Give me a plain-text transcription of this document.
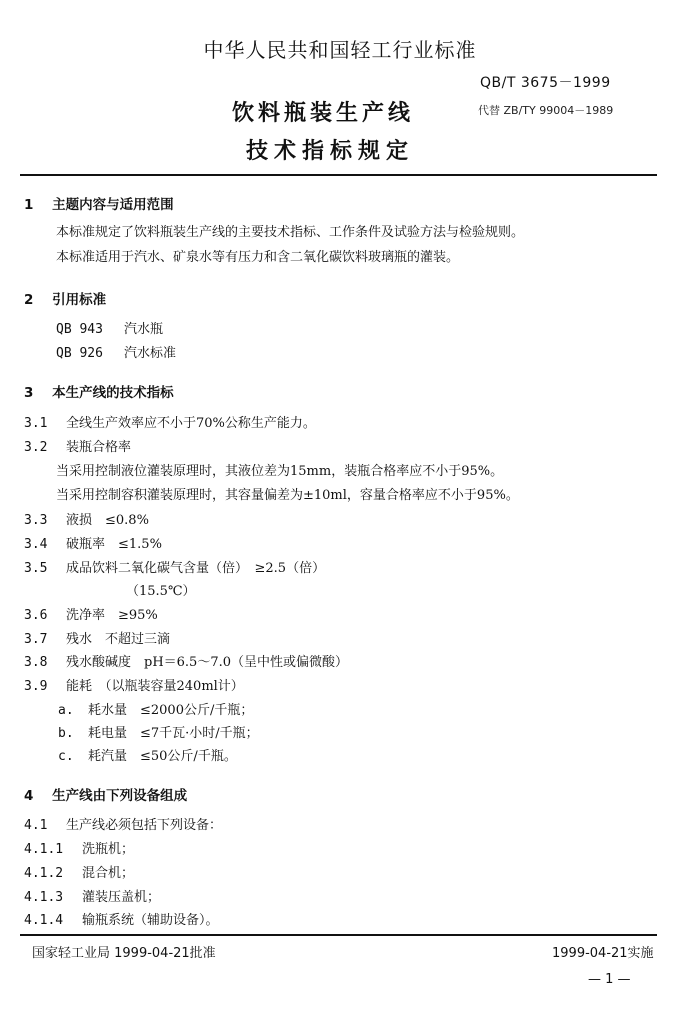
中华人民共和国轻工行业标准
QB/T 3675－1999
饮料瓶装生产线	代替 ZB/TY 99004－1989
技术指标规定
1 主题内容与适用范围
本标准规定了饮料瓶装生产线的主要技术指标、工作条件及试验方法与检验规则。
本标准适用于汽水、矿泉水等有压力和含二氧化碳饮料玻璃瓶的灌装。
2 引用标准
QB 943 汽水瓶
QB 926 汽水标准
3 本生产线的技术指标
3.1 全线生产效率应不小于70%公称生产能力。
3.2 装瓶合格率
当采用控制液位灌装原理时，其液位差为15mm，装瓶合格率应不小于95%。
当采用控制容积灌装原理时，其容量偏差为±10ml，容量合格率应不小于95%。
3.3 液损　≤0.8%
3.4 破瓶率　≤1.5%
3.5 成品饮料二氧化碳气含量（倍）　≥2.5（倍）
（15.5℃）
3.6 洗净率　≥95%
3.7 残水　不超过三滴
3.8 残水酸碱度　pH＝6.5～7.0（呈中性或偏微酸）
3.9 能耗　（以瓶装容量240ml计）
a. 耗水量　≤2000公斤/千瓶；
b. 耗电量　≤7千瓦·小时/千瓶；
c. 耗汽量　≤50公斤/千瓶。
4 生产线由下列设备组成
4.1 生产线必须包括下列设备：
4.1.1 洗瓶机；
4.1.2 混合机；
4.1.3 灌装压盖机；
4.1.4 输瓶系统（辅助设备）。
国家轻工业局 1999-04-21批准	1999-04-21实施
— 1 —
